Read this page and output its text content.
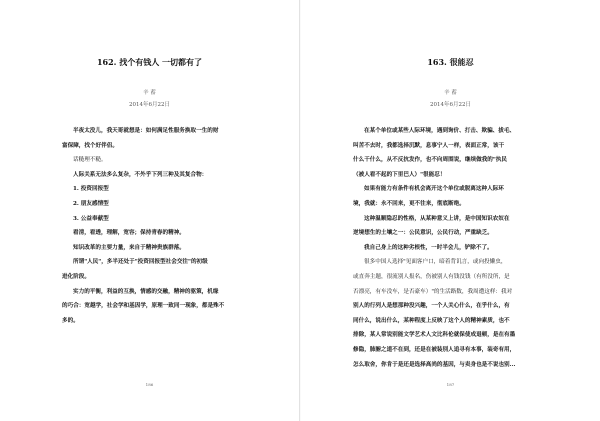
162. 找个有钱人 一切都有了
辛 蓄
2014年6月22日
半夜太没儿，我天哥就想是：如何满足性服务换取一生的财
富保障，找个好伴侣。
话糙理不糙。
人际关系无法多么复杂，不外乎下列三种及其复合物：
1. 投资回报型
2. 朋友感情型
3. 公益奉献型
看清，看透，理解，宽容；保持青春的精神。
知识改革的主要力量，来自于精神贵族群落。
所谓"人民"，多半还处于"投资回报型社会交往"的初级
进化阶段。
实力的平衡，利益的互换，情感的交融，精神的驱策，机缘
的巧合：宽越学，社会学和基因学，原理一致同一现象，都是殊不
多的。
186
163. 很能忍
辛 蓄
2014年6月22日
在某个单位或某些人际环境，遇到询价、打击、欺骗、拔毛、
叫苦不去时，我都选择沉默，息事宁人一样，表面正常，该干
什么干什么，从不反抗发作，也不向周围说，继续做我的"执民
（被人看不起的下里巴人）"很能忍！
如果有能力有条件有机会离开这个单位或脱离这种人际环
境，我就：永不回来，更不往来，彻底断绝。
这种温顺隐忍的性格，从某种意义上讲，是中国知识农奴在
逆境想生的土壤之一：公民意识，公民行动，严重缺乏。
我自己身上的这种劣根性，一时半会儿，铲除不了。
很多中国人选择"见面客户口，暗着背讥言，或向投懒虫，
或直奔主题，很流别人报名，伤被别人有钱没钱（有所没所，是
否漂亮，有车没车，是否豪车）"的生活路数，我周遭这样：我对
别人的行列人是想那种没兴趣，一个人关心什么，在乎什么，有
同什么，说出什么，某种程度上反映了这个人的精神素质，也不
排除，某人常说别能文学艺术人文比科伦就保使成退顿，是在有墨
修隐，肺腑之道不在到，还是在被装别人追寻有本事，装奇有用，
怎么取舍，你肯于是还是选择高尚的基因，与卖身也是不说也别...
187
